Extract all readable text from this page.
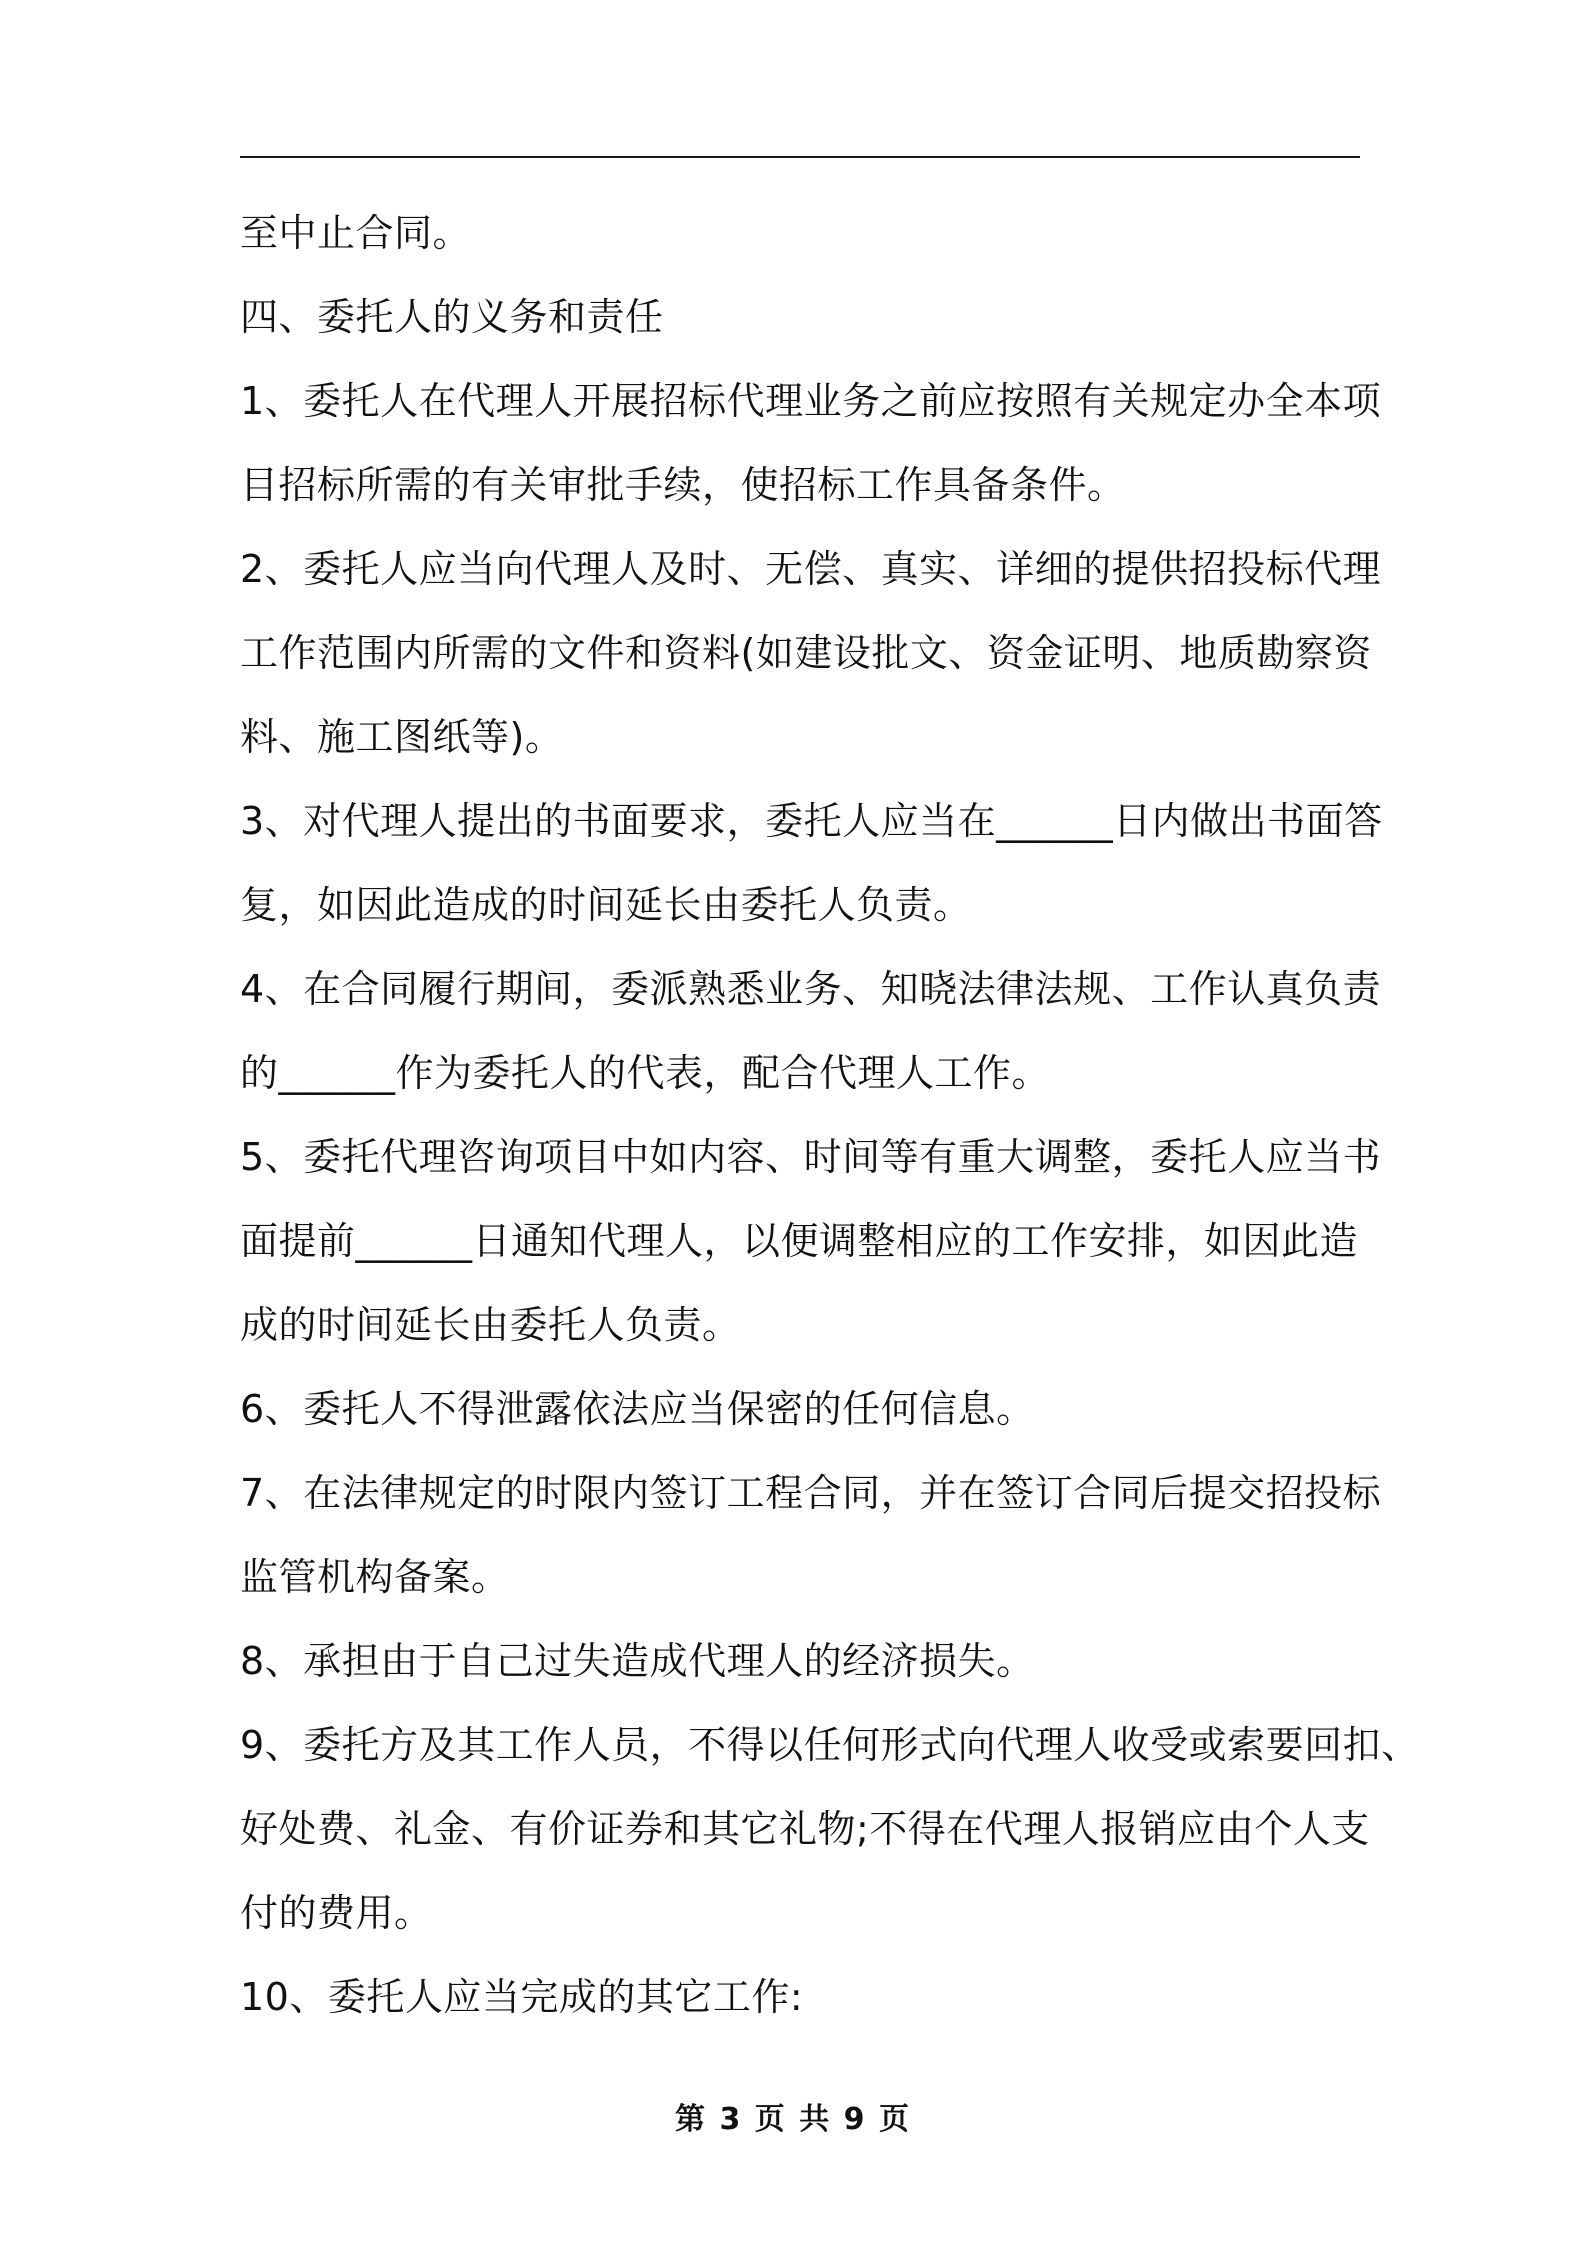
至中止合同。
四、委托人的义务和责任
1、委托人在代理人开展招标代理业务之前应按照有关规定办全本项
目招标所需的有关审批手续，使招标工作具备条件。
2、委托人应当向代理人及时、无偿、真实、详细的提供招投标代理
工作范围内所需的文件和资料(如建设批文、资金证明、地质勘察资
料、施工图纸等)。
3、对代理人提出的书面要求，委托人应当在______日内做出书面答
复，如因此造成的时间延长由委托人负责。
4、在合同履行期间，委派熟悉业务、知晓法律法规、工作认真负责
的______作为委托人的代表，配合代理人工作。
5、委托代理咨询项目中如内容、时间等有重大调整，委托人应当书
面提前______日通知代理人，以便调整相应的工作安排，如因此造
成的时间延长由委托人负责。
6、委托人不得泄露依法应当保密的任何信息。
7、在法律规定的时限内签订工程合同，并在签订合同后提交招投标
监管机构备案。
8、承担由于自己过失造成代理人的经济损失。
9、委托方及其工作人员，不得以任何形式向代理人收受或索要回扣、
好处费、礼金、有价证券和其它礼物;不得在代理人报销应由个人支
付的费用。
10、委托人应当完成的其它工作:
第 3 页 共 9 页
